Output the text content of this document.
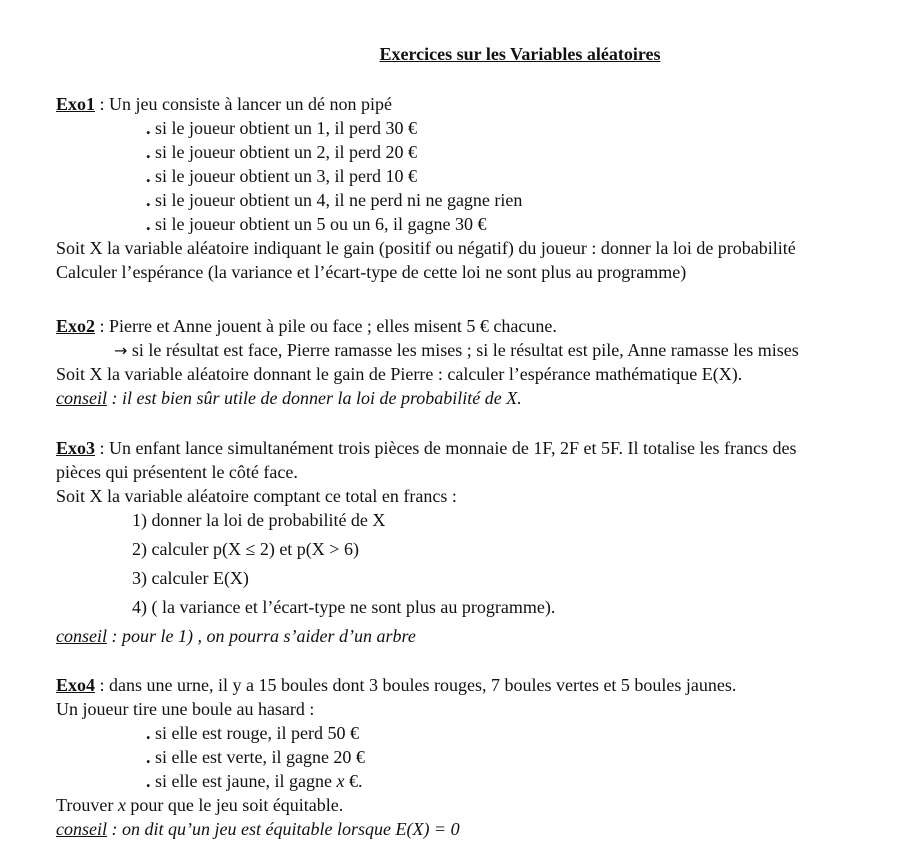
Exercices sur les Variables aléatoires
Exo1 : Un jeu consiste à lancer un dé non pipé
. si le joueur obtient un 1, il perd 30 €
. si le joueur obtient un 2, il perd 20 €
. si le joueur obtient un 3, il perd 10 €
. si le joueur obtient un 4, il ne perd ni ne gagne rien
. si le joueur obtient un 5 ou un 6, il gagne 30 €
Soit X la variable aléatoire indiquant le gain (positif ou négatif) du joueur : donner la loi de probabilité
Calculer l’espérance (la variance et l’écart-type de cette loi ne sont plus au programme)
Exo2 : Pierre et Anne jouent à pile ou face ; elles misent 5 € chacune.
→ si le résultat est face, Pierre ramasse les mises ; si le résultat est pile, Anne ramasse les mises
Soit X la variable aléatoire donnant le gain de Pierre : calculer l’espérance mathématique E(X).
conseil : il est bien sûr utile de donner la loi de probabilité de X.
Exo3 : Un enfant lance simultanément trois pièces de monnaie de 1F, 2F et 5F. Il totalise les francs des
pièces qui présentent le côté face.
Soit X la variable aléatoire comptant ce total en francs :
1) donner la loi de probabilité de X
2) calculer p(X ≤ 2) et p(X > 6)
3) calculer E(X)
4) ( la variance et l’écart-type ne sont plus au programme).
conseil : pour le 1) , on pourra s’aider d’un arbre
Exo4 : dans une urne, il y a 15 boules dont 3 boules rouges, 7 boules vertes et 5 boules jaunes.
Un joueur tire une boule au hasard :
. si elle est rouge, il perd 50 €
. si elle est verte, il gagne 20 €
. si elle est jaune, il gagne x €.
Trouver x pour que le jeu soit équitable.
conseil : on dit qu’un jeu est équitable lorsque E(X) = 0
